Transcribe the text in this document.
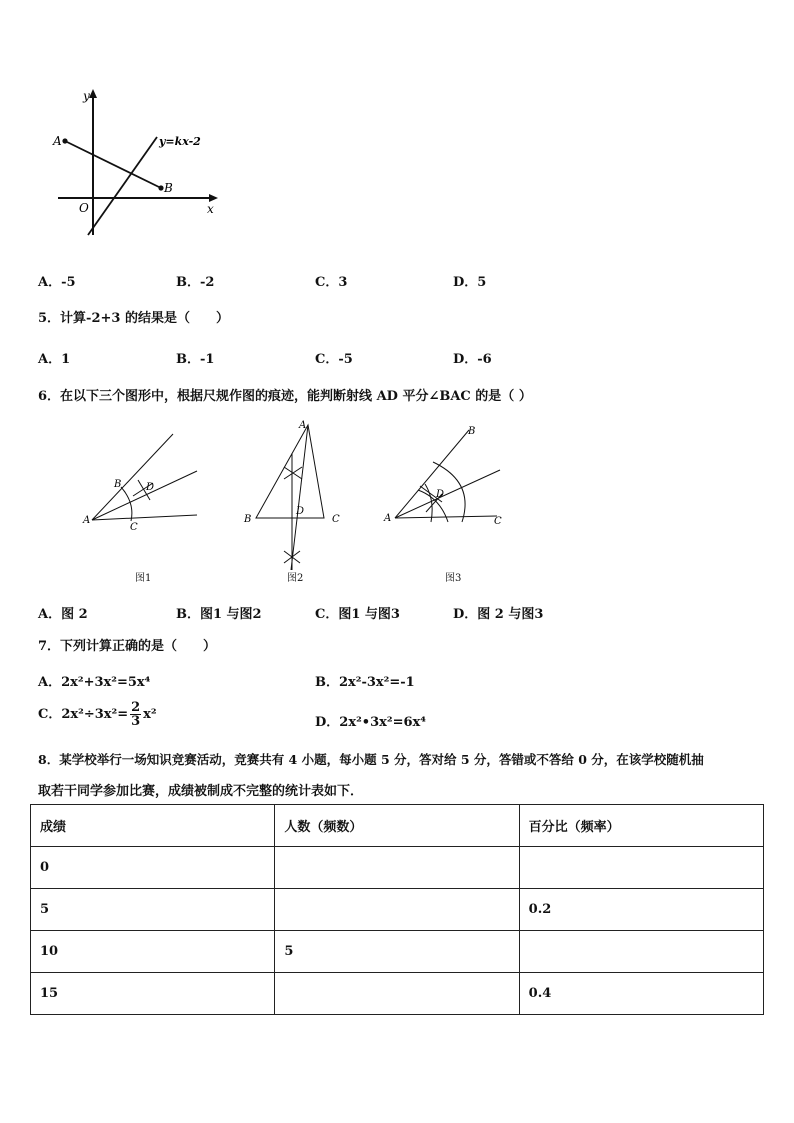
y
x
O
A
B
y=kx-2
A．-5	B．-2	C．3	D．5
5．计算-2+3 的结果是（　　）
A．1	B．-1	C．-5	D．-6
6．在以下三个图形中，根据尺规作图的痕迹，能判断射线 AD 平分∠BAC 的是（ ）
A
B
C
D
图1
A
B	C
D
图2
A
B
C
D
图3
A．图 2	B．图1 与图2	C．图1 与图3	D．图 2 与图3
7．下列计算正确的是（　　）
A．2x²+3x²=5x⁴	B．2x²-3x²=-1
C．$2x^2\div 3x^2= \frac{2}{3} x^2$
D．2x²•3x²=6x⁴
8．某学校举行一场知识竞赛活动，竞赛共有 4 小题，每小题 5 分，答对给 5 分，答错或不答给 0 分，在该学校随机抽
取若干同学参加比赛，成绩被制成不完整的统计表如下．
成绩	人数（频数）	百分比（频率）
0		
5		0.2
10	5	
15		0.4
